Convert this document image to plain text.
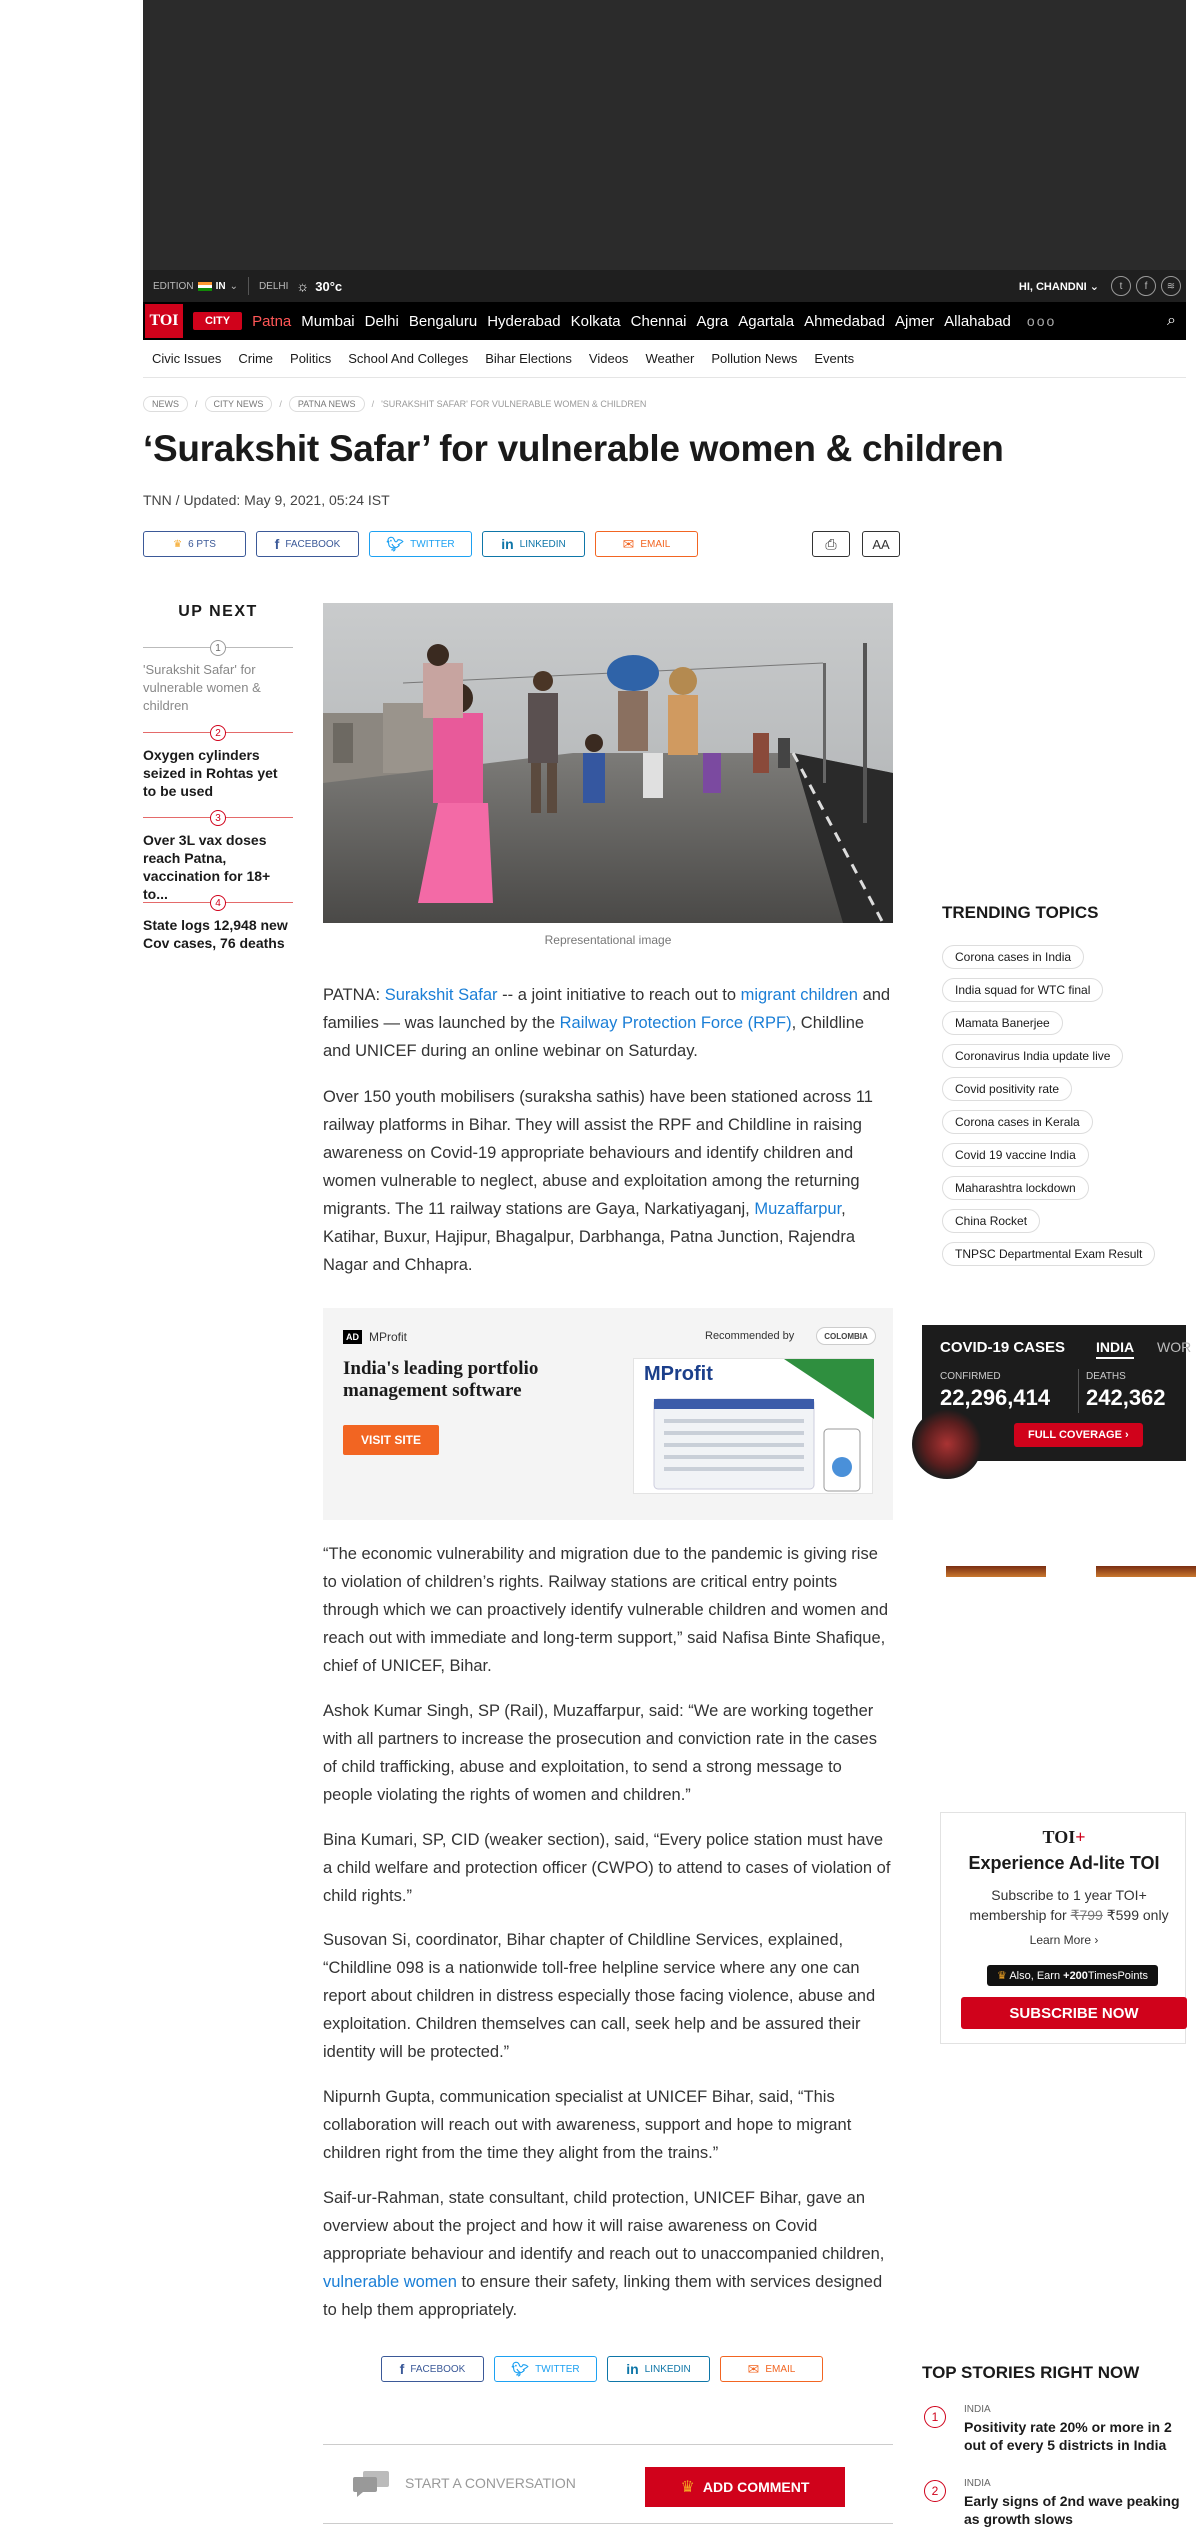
EDITION IN ⌄ DELHI ☼ 30°c	HI, CHANDNI ⌄	t	f	≋
TOI	CITY	Patna Mumbai Delhi Bengaluru Hyderabad Kolkata Chennai Agra Agartala Ahmedabad Ajmer Allahabad ooo	⌕
Civic Issues Crime Politics School And Colleges Bihar Elections Videos Weather Pollution News Events
NEWS	/	CITY NEWS	/	PATNA NEWS	/ 'SURAKSHIT SAFAR' FOR VULNERABLE WOMEN & CHILDREN
‘Surakshit Safar’ for vulnerable women & children
TNN / Updated: May 9, 2021, 05:24 IST
♛ 6 PTS	f FACEBOOK	🐦︎ TWITTER	in LINKEDIN	✉ EMAIL	⎙	AA
UP NEXT
1
'Surakshit Safar' for vulnerable women & children
2
Oxygen cylinders seized in Rohtas yet to be used
3
Over 3L vax doses reach Patna, vaccination for 18+ to...
4
State logs 12,948 new Cov cases, 76 deaths	Representational image

PATNA: Surakshit Safar -- a joint initiative to reach out to migrant children and families — was launched by the Railway Protection Force (RPF), Childline and UNICEF during an online webinar on Saturday.

Over 150 youth mobilisers (suraksha sathis) have been stationed across 11 railway platforms in Bihar. They will assist the RPF and Childline in raising awareness on Covid-19 appropriate behaviours and identify children and women vulnerable to neglect, abuse and exploitation among the returning migrants. The 11 railway stations are Gaya, Narkatiyaganj, Muzaffarpur, Katihar, Buxur, Hajipur, Bhagalpur, Darbhanga, Patna Junction, Rajendra Nagar and Chhapra.

AD MProfit	Recommended by	COLOMBIA
India's leading portfolio management software
VISIT SITE
MProfit

“The economic vulnerability and migration due to the pandemic is giving rise to violation of children’s rights. Railway stations are critical entry points through which we can proactively identify vulnerable children and women and reach out with immediate and long-term support,” said Nafisa Binte Shafique, chief of UNICEF, Bihar.

Ashok Kumar Singh, SP (Rail), Muzaffarpur, said: “We are working together with all partners to increase the prosecution and conviction rate in the cases of child trafficking, abuse and exploitation, to send a strong message to people violating the rights of women and children.”

Bina Kumari, SP, CID (weaker section), said, “Every police station must have a child welfare and protection officer (CWPO) to attend to cases of violation of child rights.”

Susovan Si, coordinator, Bihar chapter of Childline Services, explained, “Childline 098 is a nationwide toll-free helpline service where any one can report about children in distress especially those facing violence, abuse and exploitation. Children themselves can call, seek help and be assured their identity will be protected.”

Nipurnh Gupta, communication specialist at UNICEF Bihar, said, “This collaboration will reach out with awareness, support and hope to migrant children right from the time they alight from the trains.”

Saif-ur-Rahman, state consultant, child protection, UNICEF Bihar, gave an overview about the project and how it will raise awareness on Covid appropriate behaviour and identify and reach out to unaccompanied children, vulnerable women to ensure their safety, linking them with services designed to help them appropriately.

f FACEBOOK	🐦︎ TWITTER	in LINKEDIN	✉ EMAIL
START A CONVERSATION	♛ ADD COMMENT
TRENDING TOPICS
Corona cases in India
India squad for WTC final
Mamata Banerjee
Coronavirus India update live
Covid positivity rate
Corona cases in Kerala
Covid 19 vaccine India
Maharashtra lockdown
China Rocket
TNPSC Departmental Exam Result
COVID-19 CASES INDIA WOR
CONFIRMED
22,296,414
DEATHS
242,362
FULL COVERAGE ›
TOI+
Experience Ad-lite TOI
Subscribe to 1 year TOI+ membership for ₹799 ₹599 only
Learn More ›
♛ Also, Earn +200TimesPoints
SUBSCRIBE NOW
TOP STORIES RIGHT NOW
1
INDIA
Positivity rate 20% or more in 2 out of every 5 districts in India
2
INDIA
Early signs of 2nd wave peaking as growth slows
